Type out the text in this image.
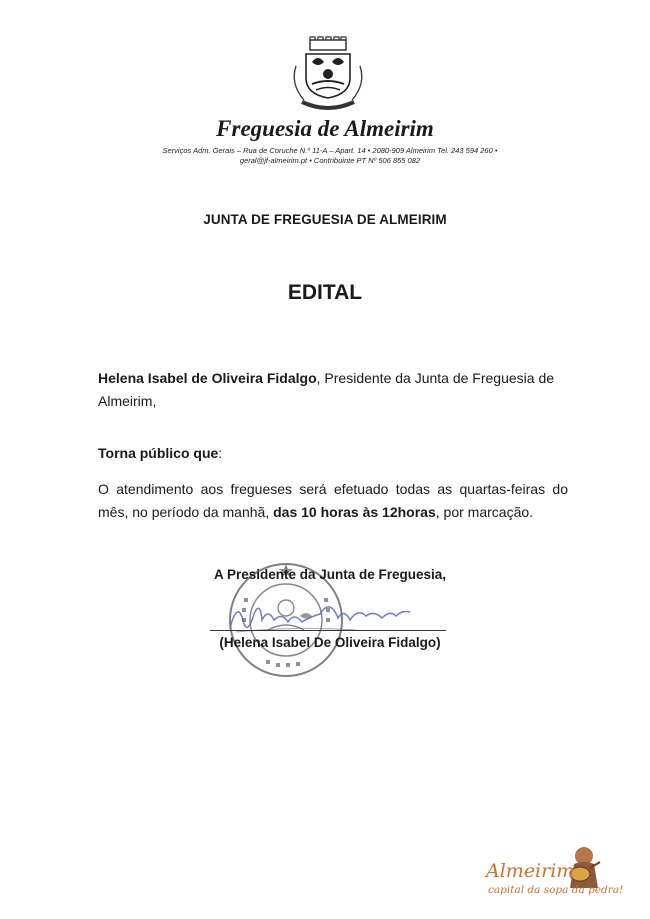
Freguesia de Almeirim
Serviços Adm. Gerais – Rua de Coruche N.º 11-A – Apart. 14 • 2080-909 Almeirim Tel. 243 594 260 •
geral@jf-almeirim.pt • Contribuinte PT Nº 506 855 082
JUNTA DE FREGUESIA DE ALMEIRIM
EDITAL
Helena Isabel de Oliveira Fidalgo, Presidente da Junta de Freguesia de Almeirim,
Torna público que:
O atendimento aos fregueses será efetuado todas as quartas-feiras do mês, no período da manhã, das 10 horas às 12horas, por marcação.
A Presidente da Junta de Freguesia,
(Helena Isabel De Oliveira Fidalgo)
Almeirim
capital da sopa da pedra!
